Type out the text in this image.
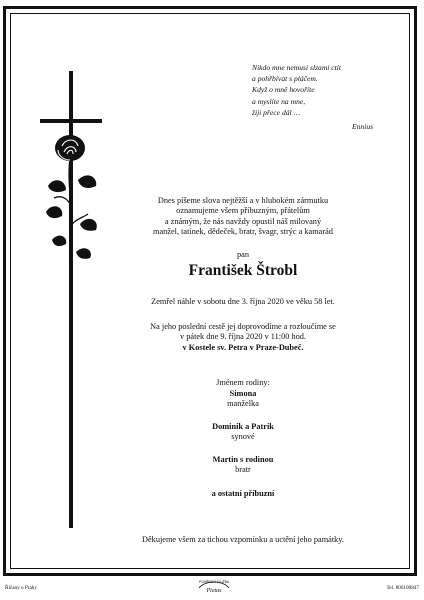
Nikdo mne nemusí slzami ctít
a pohřbívat s pláčem.
Když o mně hovoříte
a myslíte na mne,
žiji přece dál …
Ennius
Dnes píšeme slova nejtěžší a v hlubokém zármutku
oznamujeme všem příbuzným, přátelům
a známým, že nás navždy opustil náš milovaný
manžel, tatínek, dědeček, bratr, švagr, strýc a kamarád
pan
František Štrobl
Zemřel náhle v sobotu dne 3. října 2020 ve věku 58 let.
Na jeho poslední cestě jej doprovodíme a rozloučíme se
v pátek dne 9. října 2020 v 11:00 hod.
v Kostele sv. Petra v Praze-Dubeč.
Jménem rodiny:
Simona
manželka
Dominik a Patrik
synové
Martin s rodinou
bratr
a ostatní příbuzní
Děkujeme všem za tichou vzpomínku a uctění jeho památky.
Říčany u Prahy
POHŘEBNÍ SLUŽBA
Pietas	Tel. 800100847
